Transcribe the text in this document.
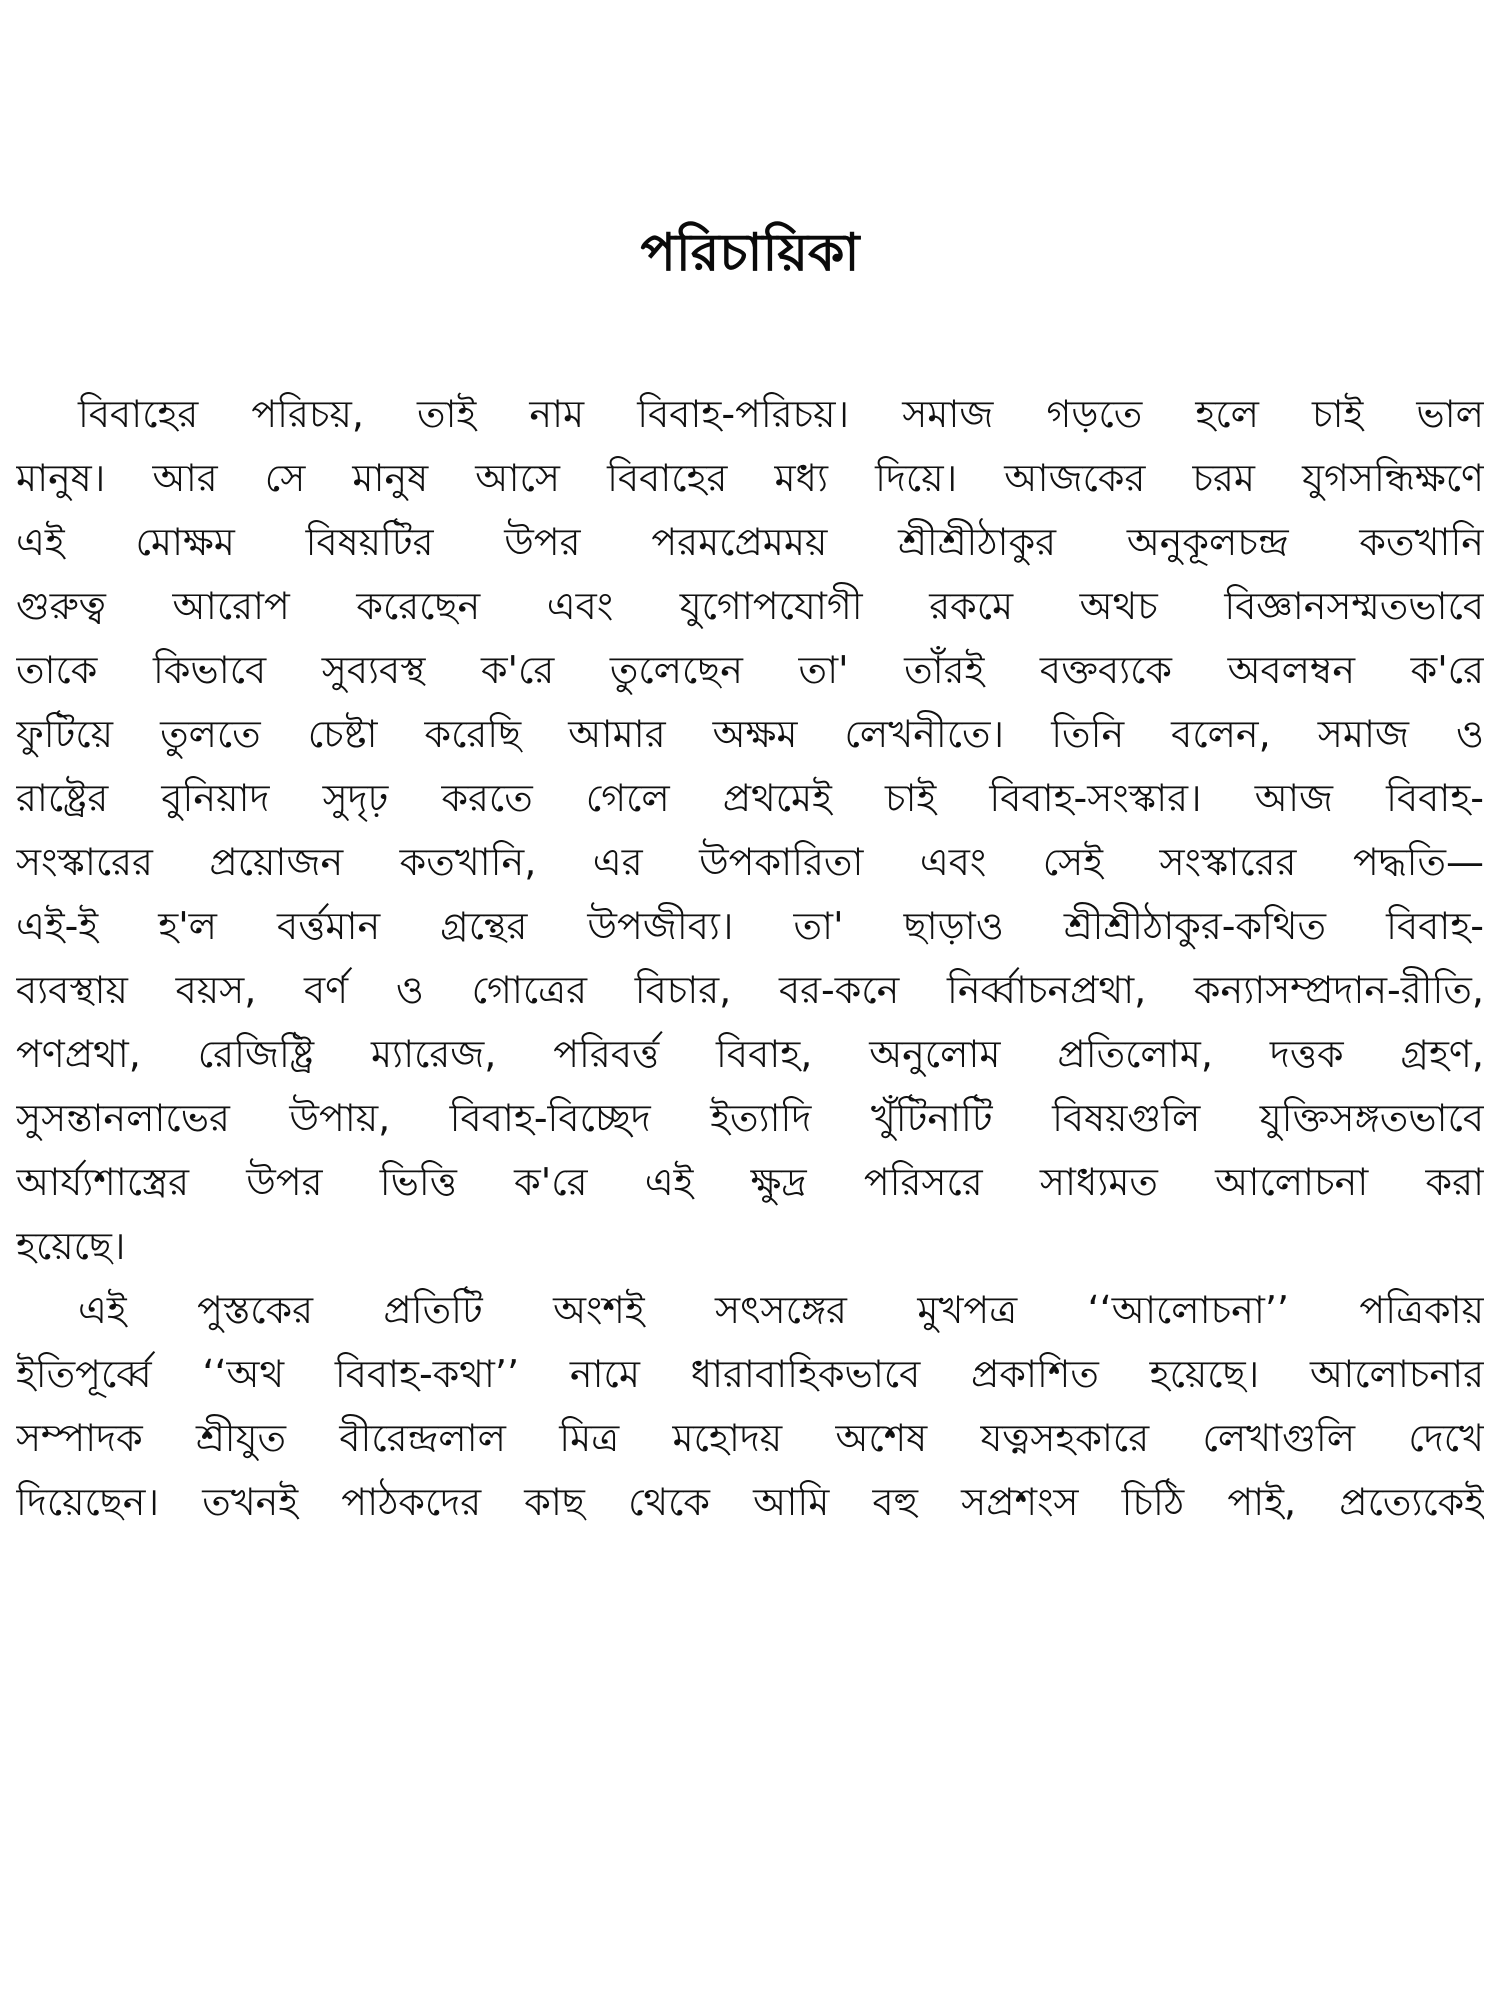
পরিচায়িকা
বিবাহের পরিচয়, তাই নাম বিবাহ-পরিচয়। সমাজ গড়তে হলে চাই ভাল
মানুষ। আর সে মানুষ আসে বিবাহের মধ্য দিয়ে। আজকের চরম যুগসন্ধিক্ষণে
এই মোক্ষম বিষয়টির উপর পরমপ্রেমময় শ্রীশ্রীঠাকুর অনুকূলচন্দ্র কতখানি
গুরুত্ব আরোপ করেছেন এবং যুগোপযোগী রকমে অথচ বিজ্ঞানসম্মতভাবে
তাকে কিভাবে সুব্যবস্থ ক'রে তুলেছেন তা' তাঁরই বক্তব্যকে অবলম্বন ক'রে
ফুটিয়ে তুলতে চেষ্টা করেছি আমার অক্ষম লেখনীতে। তিনি বলেন, সমাজ ও
রাষ্ট্রের বুনিয়াদ সুদৃঢ় করতে গেলে প্রথমেই চাই বিবাহ-সংস্কার। আজ বিবাহ-
সংস্কারের প্রয়োজন কতখানি, এর উপকারিতা এবং সেই সংস্কারের পদ্ধতি—
এই-ই হ'ল বর্ত্তমান গ্রন্থের উপজীব্য। তা' ছাড়াও শ্রীশ্রীঠাকুর-কথিত বিবাহ-
ব্যবস্থায় বয়স, বর্ণ ও গোত্রের বিচার, বর-কনে নির্ব্বাচনপ্রথা, কন্যাসম্প্রদান-রীতি,
পণপ্রথা, রেজিষ্ট্রি ম্যারেজ, পরিবর্ত্ত বিবাহ, অনুলোম প্রতিলোম, দত্তক গ্রহণ,
সুসন্তানলাভের উপায়, বিবাহ-বিচ্ছেদ ইত্যাদি খুঁটিনাটি বিষয়গুলি যুক্তিসঙ্গতভাবে
আর্য্যশাস্ত্রের উপর ভিত্তি ক'রে এই ক্ষুদ্র পরিসরে সাধ্যমত আলোচনা করা
হয়েছে।
এই পুস্তকের প্রতিটি অংশই সৎসঙ্গের মুখপত্র ‘‘আলোচনা’’ পত্রিকায়
ইতিপূর্ব্বে ‘‘অথ বিবাহ-কথা’’ নামে ধারাবাহিকভাবে প্রকাশিত হয়েছে। আলোচনার
সম্পাদক শ্রীযুত বীরেন্দ্রলাল মিত্র মহোদয় অশেষ যত্নসহকারে লেখাগুলি দেখে
দিয়েছেন। তখনই পাঠকদের কাছ থেকে আমি বহু সপ্রশংস চিঠি পাই, প্রত্যেকেই
